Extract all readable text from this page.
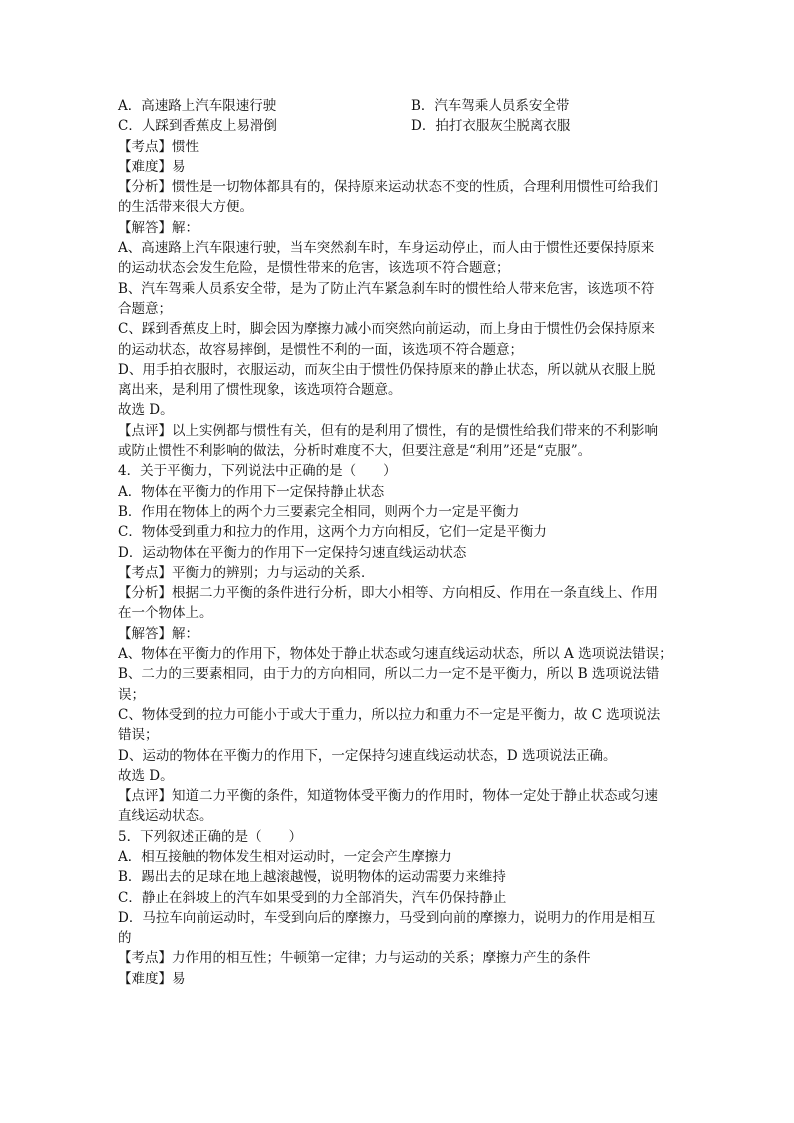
A．高速路上汽车限速行驶	B．汽车驾乘人员系安全带
C．人踩到香蕉皮上易滑倒	D．拍打衣服灰尘脱离衣服
【考点】惯性
【难度】易
【分析】惯性是一切物体都具有的，保持原来运动状态不变的性质，合理利用惯性可给我们
的生活带来很大方便。
【解答】解：
A、高速路上汽车限速行驶，当车突然刹车时，车身运动停止，而人由于惯性还要保持原来
的运动状态会发生危险，是惯性带来的危害，该选项不符合题意；
B、汽车驾乘人员系安全带，是为了防止汽车紧急刹车时的惯性给人带来危害，该选项不符
合题意；
C、踩到香蕉皮上时，脚会因为摩擦力减小而突然向前运动，而上身由于惯性仍会保持原来
的运动状态，故容易摔倒，是惯性不利的一面，该选项不符合题意；
D、用手拍衣服时，衣服运动，而灰尘由于惯性仍保持原来的静止状态，所以就从衣服上脱
离出来，是利用了惯性现象，该选项符合题意。
故选 D。
【点评】以上实例都与惯性有关，但有的是利用了惯性，有的是惯性给我们带来的不利影响
或防止惯性不利影响的做法，分析时难度不大，但要注意是“利用”还是“克服”。
4．关于平衡力，下列说法中正确的是（　　）
A．物体在平衡力的作用下一定保持静止状态
B．作用在物体上的两个力三要素完全相同，则两个力一定是平衡力
C．物体受到重力和拉力的作用，这两个力方向相反，它们一定是平衡力
D．运动物体在平衡力的作用下一定保持匀速直线运动状态
【考点】平衡力的辨别；力与运动的关系．
【分析】根据二力平衡的条件进行分析，即大小相等、方向相反、作用在一条直线上、作用
在一个物体上。
【解答】解：
A、物体在平衡力的作用下，物体处于静止状态或匀速直线运动状态，所以 A 选项说法错误；
B、二力的三要素相同，由于力的方向相同，所以二力一定不是平衡力，所以 B 选项说法错
误；
C、物体受到的拉力可能小于或大于重力，所以拉力和重力不一定是平衡力，故 C 选项说法
错误；
D、运动的物体在平衡力的作用下，一定保持匀速直线运动状态，D 选项说法正确。
故选 D。
【点评】知道二力平衡的条件，知道物体受平衡力的作用时，物体一定处于静止状态或匀速
直线运动状态。
5．下列叙述正确的是（　　）
A．相互接触的物体发生相对运动时，一定会产生摩擦力
B．踢出去的足球在地上越滚越慢，说明物体的运动需要力来维持
C．静止在斜坡上的汽车如果受到的力全部消失，汽车仍保持静止
D．马拉车向前运动时，车受到向后的摩擦力，马受到向前的摩擦力，说明力的作用是相互
的
【考点】力作用的相互性；牛顿第一定律；力与运动的关系；摩擦力产生的条件
【难度】易
